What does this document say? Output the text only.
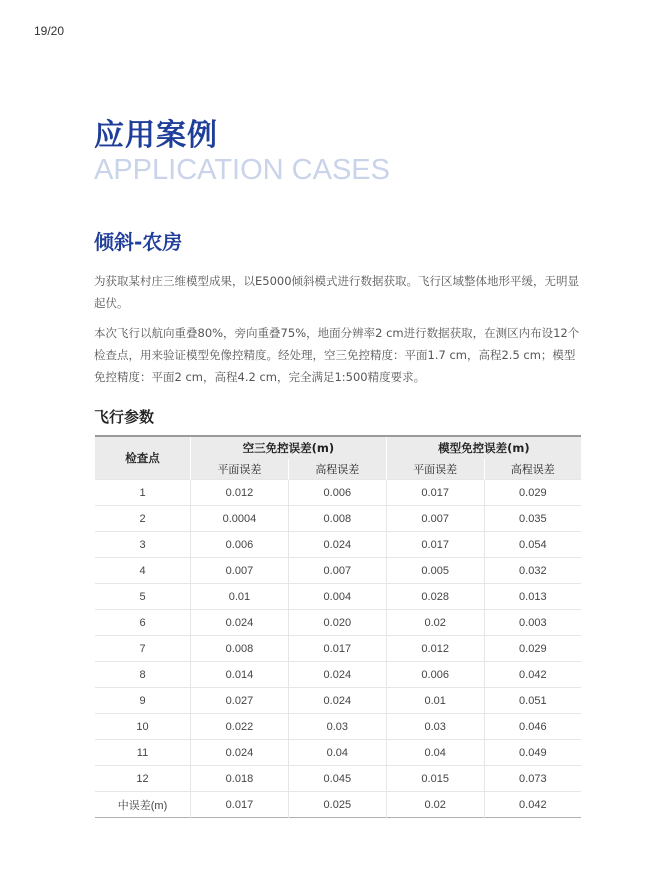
19/20
应用案例
APPLICATION CASES
倾斜-农房
为获取某村庄三维模型成果，以E5000倾斜模式进行数据获取。飞行区域整体地形平缓，无明显起伏。
本次飞行以航向重叠80%，旁向重叠75%，地面分辨率2 cm进行数据获取，在测区内布设12个检查点，用来验证模型免像控精度。经处理，空三免控精度：平面1.7 cm，高程2.5 cm；模型免控精度：平面2 cm，高程4.2 cm，完全满足1:500精度要求。
飞行参数
检查点	空三免控误差(m)		模型免控误差(m)	
	平面误差	高程误差	平面误差	高程误差
1	0.012	0.006	0.017	0.029
2	0.0004	0.008	0.007	0.035
3	0.006	0.024	0.017	0.054
4	0.007	0.007	0.005	0.032
5	0.01	0.004	0.028	0.013
6	0.024	0.020	0.02	0.003
7	0.008	0.017	0.012	0.029
8	0.014	0.024	0.006	0.042
9	0.027	0.024	0.01	0.051
10	0.022	0.03	0.03	0.046
11	0.024	0.04	0.04	0.049
12	0.018	0.045	0.015	0.073
中误差(m)	0.017	0.025	0.02	0.042
